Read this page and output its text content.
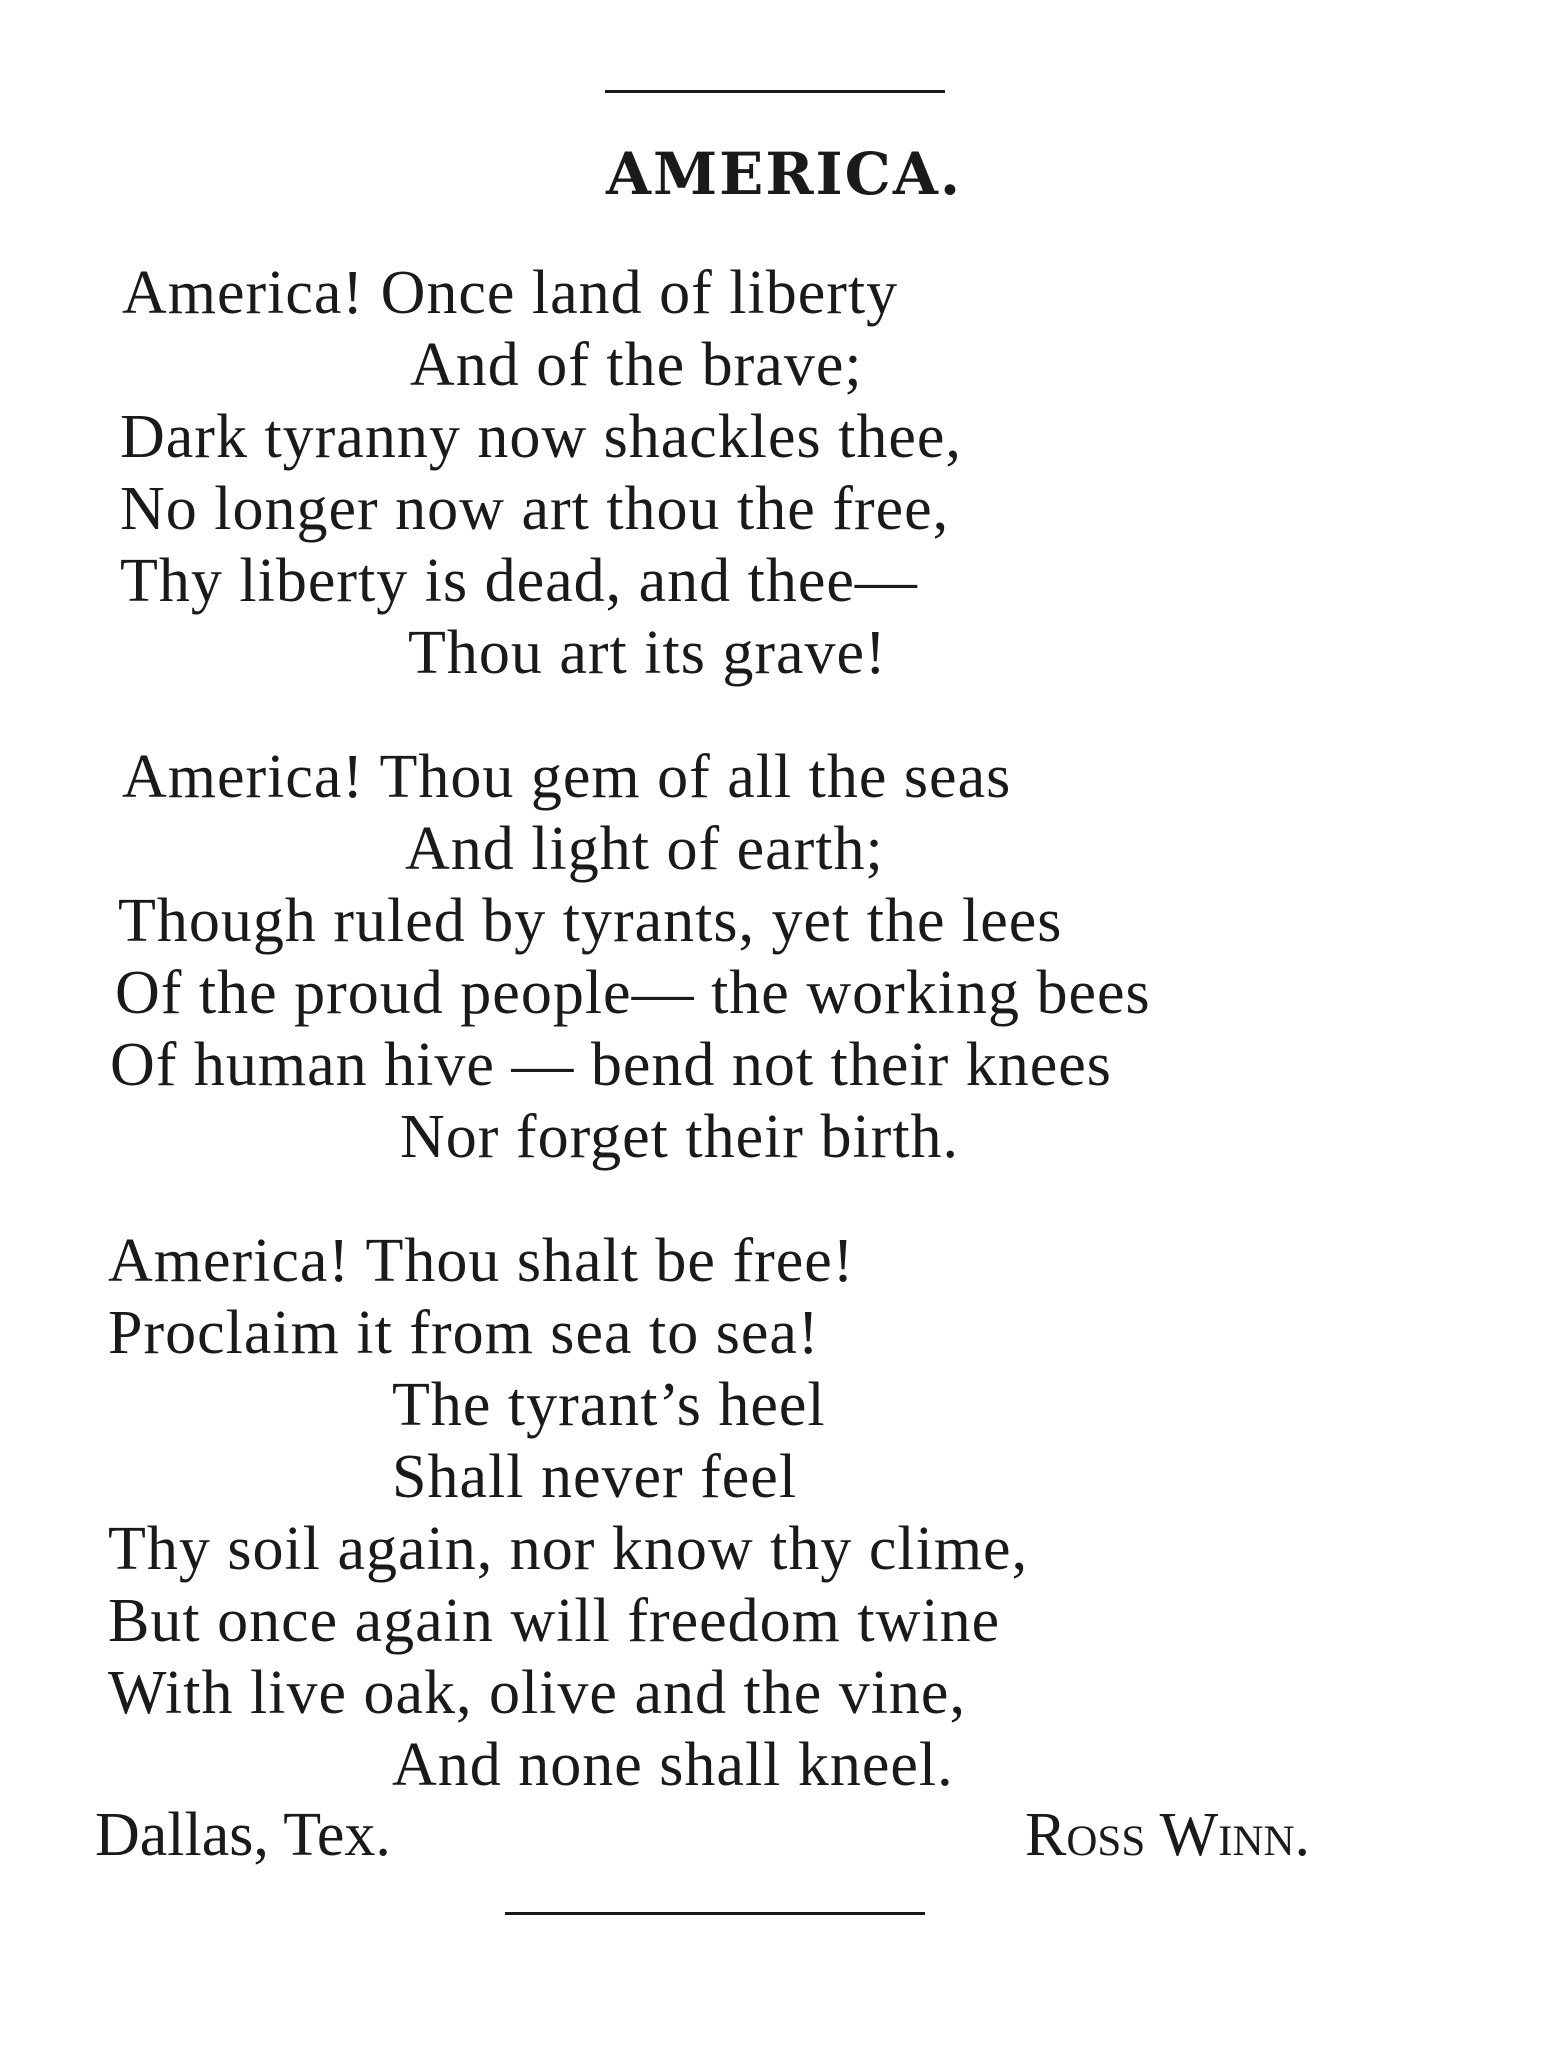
AMERICA.
America! Once land of liberty
And of the brave;
Dark tyranny now shackles thee,
No longer now art thou the free,
Thy liberty is dead, and thee—
Thou art its grave!
America! Thou gem of all the seas
And light of earth;
Though ruled by tyrants, yet the lees
Of the proud people— the working bees
Of human hive — bend not their knees
Nor forget their birth.
America! Thou shalt be free!
Proclaim it from sea to sea!
The tyrant’s heel
Shall never feel
Thy soil again, nor know thy clime,
But once again will freedom twine
With live oak, olive and the vine,
And none shall kneel.
Dallas, Tex.	Ross Winn.
